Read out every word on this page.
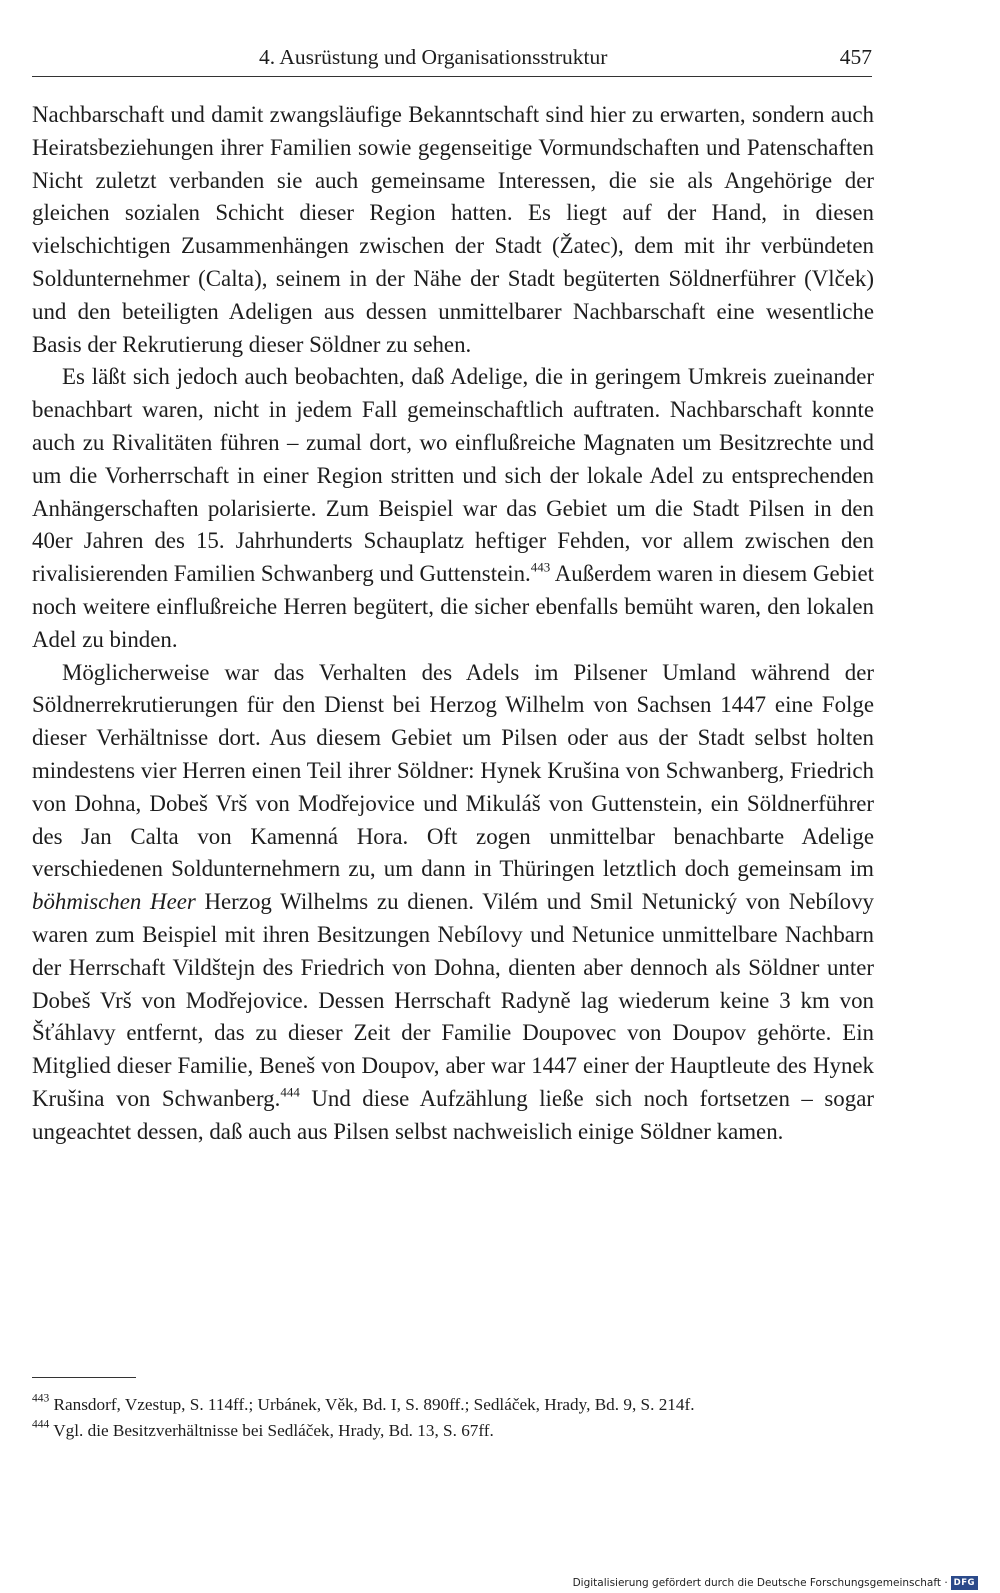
4. Ausrüstung und Organisationsstruktur	457

Nachbarschaft und damit zwangsläufige Bekanntschaft sind hier zu erwarten, sondern auch Heiratsbeziehungen ihrer Familien sowie gegenseitige Vormundschaften und Patenschaften Nicht zuletzt verbanden sie auch gemeinsame Interessen, die sie als Angehörige der gleichen sozialen Schicht dieser Region hatten. Es liegt auf der Hand, in diesen vielschichtigen Zusammenhängen zwischen der Stadt (Žatec), dem mit ihr verbündeten Soldunternehmer (Calta), seinem in der Nähe der Stadt begüterten Söldnerführer (Vlček) und den beteiligten Adeligen aus dessen unmittelbarer Nachbarschaft eine wesentliche Basis der Rekrutierung dieser Söldner zu sehen.

Es läßt sich jedoch auch beobachten, daß Adelige, die in geringem Umkreis zueinander benachbart waren, nicht in jedem Fall gemeinschaftlich auftraten. Nachbarschaft konnte auch zu Rivalitäten führen – zumal dort, wo einflußreiche Magnaten um Besitzrechte und um die Vorherrschaft in einer Region stritten und sich der lokale Adel zu entsprechenden Anhängerschaften polarisierte. Zum Beispiel war das Gebiet um die Stadt Pilsen in den 40er Jahren des 15. Jahrhunderts Schauplatz heftiger Fehden, vor allem zwischen den rivalisierenden Familien Schwanberg und Guttenstein.$^{443}$ Außerdem waren in diesem Gebiet noch weitere einflußreiche Herren begütert, die sicher ebenfalls bemüht waren, den lokalen Adel zu binden.

Möglicherweise war das Verhalten des Adels im Pilsener Umland während der Söldnerrekrutierungen für den Dienst bei Herzog Wilhelm von Sachsen 1447 eine Folge dieser Verhältnisse dort. Aus diesem Gebiet um Pilsen oder aus der Stadt selbst holten mindestens vier Herren einen Teil ihrer Söldner: Hynek Krušina von Schwanberg, Friedrich von Dohna, Dobeš Vrš von Modřejovice und Mikuláš von Guttenstein, ein Söldnerführer des Jan Calta von Kamenná Hora. Oft zogen unmittelbar benachbarte Adelige verschiedenen Soldunternehmern zu, um dann in Thüringen letztlich doch gemeinsam im böhmischen Heer Herzog Wilhelms zu dienen. Vilém und Smil Netunický von Nebílovy waren zum Beispiel mit ihren Besitzungen Nebílovy und Netunice unmittelbare Nachbarn der Herrschaft Vildštejn des Friedrich von Dohna, dienten aber dennoch als Söldner unter Dobeš Vrš von Modřejovice. Dessen Herrschaft Radyně lag wiederum keine 3 km von Šťáhlavy entfernt, das zu dieser Zeit der Familie Doupovec von Doupov gehörte. Ein Mitglied dieser Familie, Beneš von Doupov, aber war 1447 einer der Hauptleute des Hynek Krušina von Schwanberg.$^{444}$ Und diese Aufzählung ließe sich noch fortsetzen – sogar ungeachtet dessen, daß auch aus Pilsen selbst nachweislich einige Söldner kamen.

$^{443}$ Ransdorf, Vzestup, S. 114ff.; Urbánek, Věk, Bd. I, S. 890ff.; Sedláček, Hrady, Bd. 9, S. 214f.

$^{444}$ Vgl. die Besitzverhältnisse bei Sedláček, Hrady, Bd. 13, S. 67ff.

Digitalisierung gefördert durch die Deutsche Forschungsgemeinschaft · DFG
